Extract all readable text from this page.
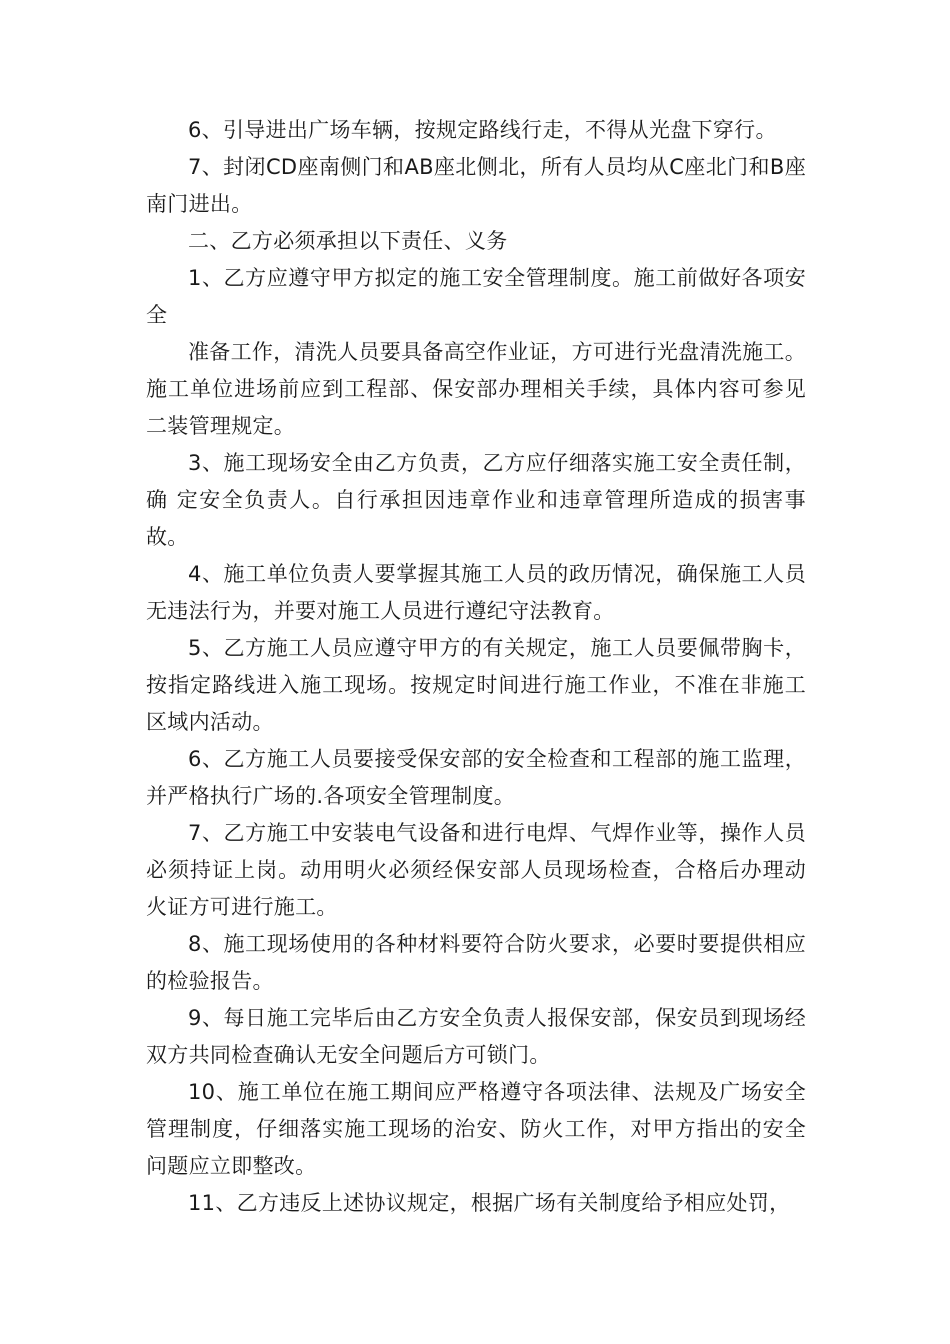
6、引导进出广场车辆，按规定路线行走，不得从光盘下穿行。

7、封闭CD座南侧门和AB座北侧北，所有人员均从C座北门和B座南门进出。

二、乙方必须承担以下责任、义务

1、乙方应遵守甲方拟定的施工安全管理制度。施工前做好各项安全

准备工作，清洗人员要具备高空作业证，方可进行光盘清洗施工。施工单位进场前应到工程部、保安部办理相关手续，具体内容可参见二装管理规定。

3、施工现场安全由乙方负责，乙方应仔细落实施工安全责任制，确 定安全负责人。自行承担因违章作业和违章管理所造成的损害事故。

4、施工单位负责人要掌握其施工人员的政历情况，确保施工人员无违法行为，并要对施工人员进行遵纪守法教育。

5、乙方施工人员应遵守甲方的有关规定，施工人员要佩带胸卡，按指定路线进入施工现场。按规定时间进行施工作业，不准在非施工区域内活动。

6、乙方施工人员要接受保安部的安全检查和工程部的施工监理，并严格执行广场的.各项安全管理制度。

7、乙方施工中安装电气设备和进行电焊、气焊作业等，操作人员必须持证上岗。动用明火必须经保安部人员现场检查，合格后办理动火证方可进行施工。

8、施工现场使用的各种材料要符合防火要求，必要时要提供相应的检验报告。

9、每日施工完毕后由乙方安全负责人报保安部，保安员到现场经双方共同检查确认无安全问题后方可锁门。

10、施工单位在施工期间应严格遵守各项法律、法规及广场安全管理制度，仔细落实施工现场的治安、防火工作，对甲方指出的安全问题应立即整改。

11、乙方违反上述协议规定，根据广场有关制度给予相应处罚，
